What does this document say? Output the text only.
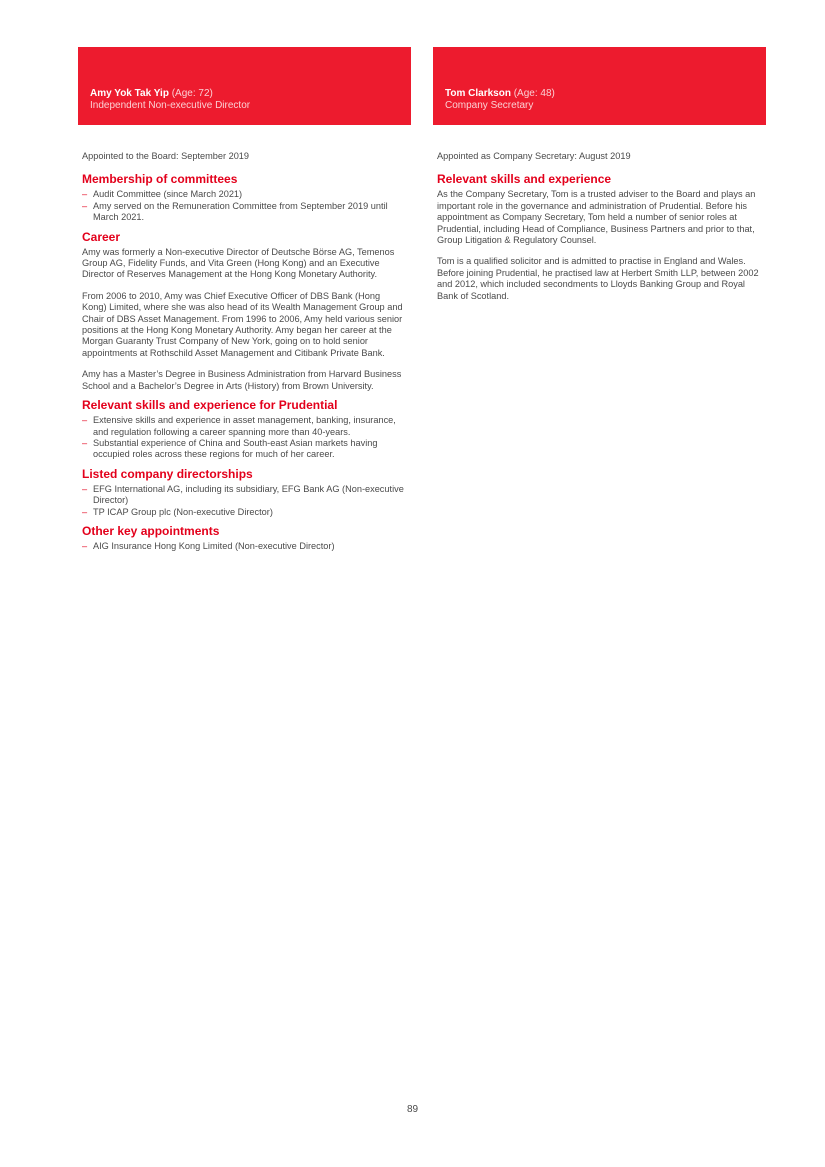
Amy Yok Tak Yip (Age: 72)
Independent Non-executive Director

Appointed to the Board: September 2019

Membership of committees
– Audit Committee (since March 2021)
– Amy served on the Remuneration Committee from September 2019 until March 2021.
Career

Amy was formerly a Non-executive Director of Deutsche Börse AG, Temenos Group AG, Fidelity Funds, and Vita Green (Hong Kong) and an Executive Director of Reserves Management at the Hong Kong Monetary Authority.

From 2006 to 2010, Amy was Chief Executive Officer of DBS Bank (Hong Kong) Limited, where she was also head of its Wealth Management Group and Chair of DBS Asset Management. From 1996 to 2006, Amy held various senior positions at the Hong Kong Monetary Authority. Amy began her career at the Morgan Guaranty Trust Company of New York, going on to hold senior appointments at Rothschild Asset Management and Citibank Private Bank.

Amy has a Master’s Degree in Business Administration from Harvard Business School and a Bachelor’s Degree in Arts (History) from Brown University.

Relevant skills and experience for Prudential
– Extensive skills and experience in asset management, banking, insurance, and regulation following a career spanning more than 40-years.
– Substantial experience of China and South-east Asian markets having occupied roles across these regions for much of her career.
Listed company directorships
– EFG International AG, including its subsidiary, EFG Bank AG (Non-executive Director)
– TP ICAP Group plc (Non-executive Director)
Other key appointments
– AIG Insurance Hong Kong Limited (Non-executive Director)
Tom Clarkson (Age: 48)
Company Secretary

Appointed as Company Secretary: August 2019

Relevant skills and experience

As the Company Secretary, Tom is a trusted adviser to the Board and plays an important role in the governance and administration of Prudential. Before his appointment as Company Secretary, Tom held a number of senior roles at Prudential, including Head of Compliance, Business Partners and prior to that, Group Litigation & Regulatory Counsel.

Tom is a qualified solicitor and is admitted to practise in England and Wales. Before joining Prudential, he practised law at Herbert Smith LLP, between 2002 and 2012, which included secondments to Lloyds Banking Group and Royal Bank of Scotland.

89
